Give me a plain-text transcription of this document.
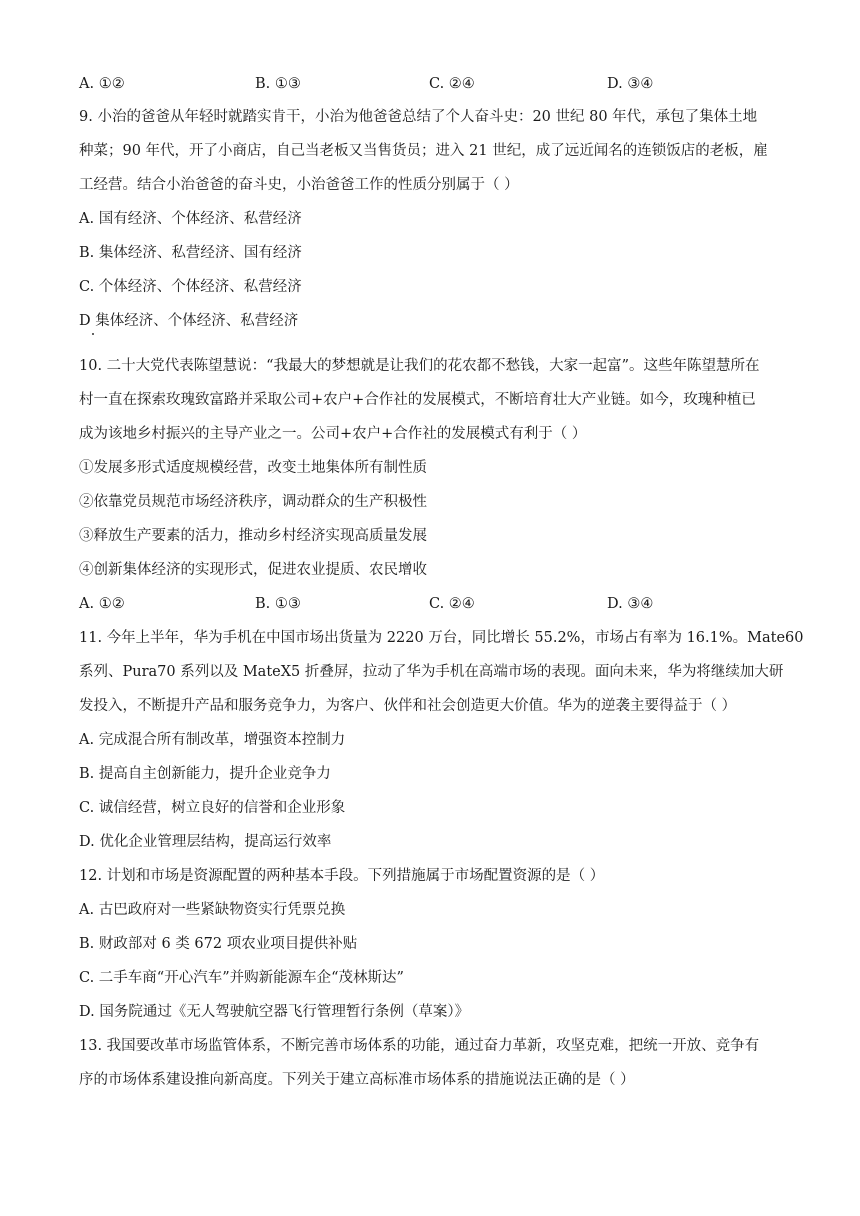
A. ①②	B. ①③	C. ②④	D. ③④
9. 小治的爸爸从年轻时就踏实肯干，小治为他爸爸总结了个人奋斗史：20 世纪 80 年代，承包了集体土地
种菜；90 年代，开了小商店，自己当老板又当售货员；进入 21 世纪，成了远近闻名的连锁饭店的老板，雇
工经营。结合小治爸爸的奋斗史，小治爸爸工作的性质分别属于（ ）
A. 国有经济、个体经济、私营经济
B. 集体经济、私营经济、国有经济
C. 个体经济、个体经济、私营经济
D 集体经济、个体经济、私营经济
10. 二十大党代表陈望慧说：“我最大的梦想就是让我们的花农都不愁钱，大家一起富”。这些年陈望慧所在
村一直在探索玫瑰致富路并采取公司+农户+合作社的发展模式，不断培育壮大产业链。如今，玫瑰种植已
成为该地乡村振兴的主导产业之一。公司+农户+合作社的发展模式有利于（ ）
①发展多形式适度规模经营，改变土地集体所有制性质
②依靠党员规范市场经济秩序，调动群众的生产积极性
③释放生产要素的活力，推动乡村经济实现高质量发展
④创新集体经济的实现形式，促进农业提质、农民增收
A. ①②	B. ①③	C. ②④	D. ③④
11. 今年上半年，华为手机在中国市场出货量为 2220 万台，同比增长 55.2%，市场占有率为 16.1%。Mate60
系列、Pura70 系列以及 MateX5 折叠屏，拉动了华为手机在高端市场的表现。面向未来，华为将继续加大研
发投入，不断提升产品和服务竞争力，为客户、伙伴和社会创造更大价值。华为的逆袭主要得益于（ ）
A. 完成混合所有制改革，增强资本控制力
B. 提高自主创新能力，提升企业竞争力
C. 诚信经营，树立良好的信誉和企业形象
D. 优化企业管理层结构，提高运行效率
12. 计划和市场是资源配置的两种基本手段。下列措施属于市场配置资源的是（ ）
A. 古巴政府对一些紧缺物资实行凭票兑换
B. 财政部对 6 类 672 项农业项目提供补贴
C. 二手车商“开心汽车”并购新能源车企“茂林斯达”
D. 国务院通过《无人驾驶航空器飞行管理暂行条例（草案）》
13. 我国要改革市场监管体系，不断完善市场体系的功能，通过奋力革新，攻坚克难，把统一开放、竞争有
序的市场体系建设推向新高度。下列关于建立高标准市场体系的措施说法正确的是（ ）
